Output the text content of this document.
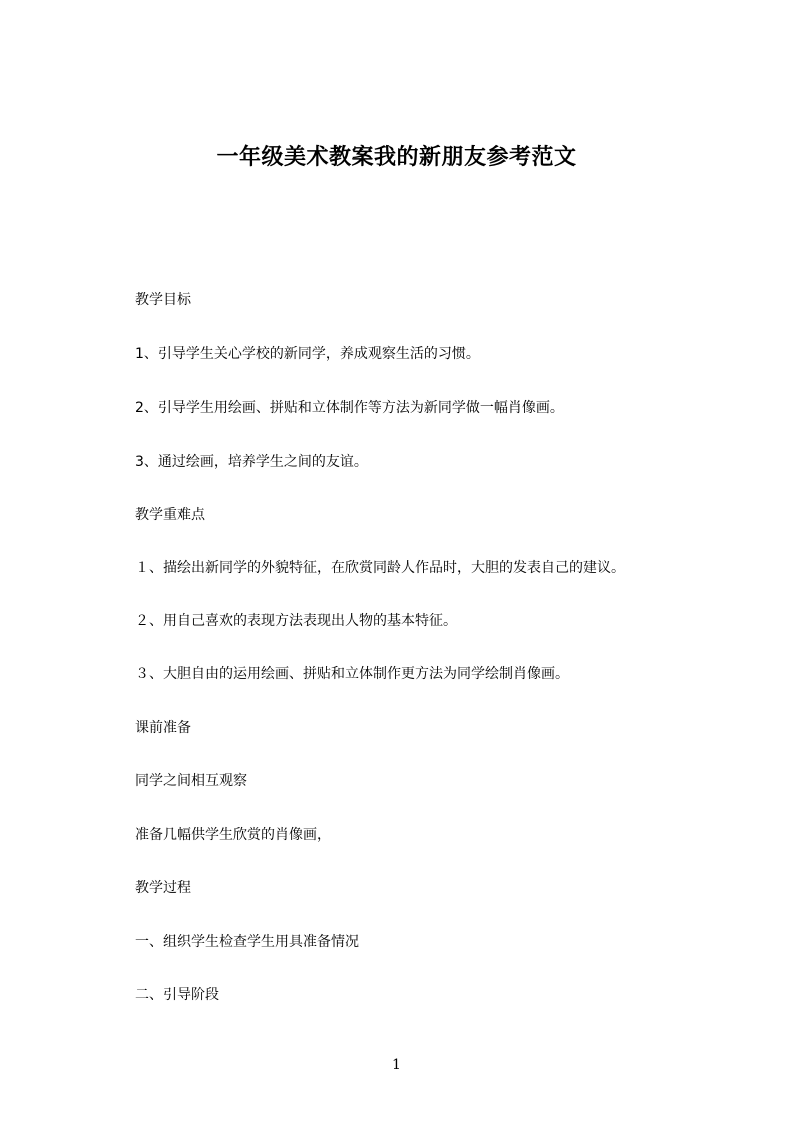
一年级美术教案我的新朋友参考范文

教学目标

1、引导学生关心学校的新同学，养成观察生活的习惯。

2、引导学生用绘画、拼贴和立体制作等方法为新同学做一幅肖像画。

3、通过绘画，培养学生之间的友谊。

教学重难点

１、描绘出新同学的外貌特征，在欣赏同龄人作品时，大胆的发表自己的建议。

２、用自己喜欢的表现方法表现出人物的基本特征。

３、大胆自由的运用绘画、拼贴和立体制作更方法为同学绘制肖像画。

课前准备

同学之间相互观察

准备几幅供学生欣赏的肖像画，

教学过程

一、组织学生检查学生用具准备情况

二、引导阶段

1
